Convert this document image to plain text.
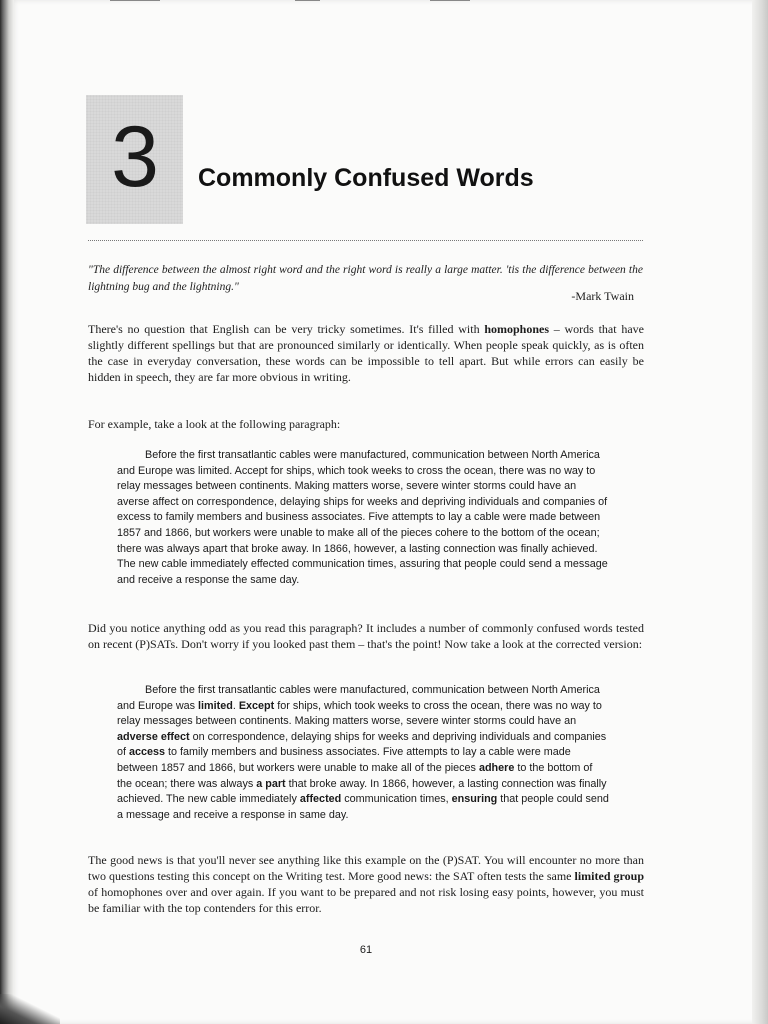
3	Commonly Confused Words
"The difference between the almost right word and the right word is really a large matter. 'tis the difference between the lightning bug and the lightning."
-Mark Twain
There's no question that English can be very tricky sometimes. It's filled with homophones – words that have slightly different spellings but that are pronounced similarly or identically. When people speak quickly, as is often the case in everyday conversation, these words can be impossible to tell apart. But while errors can easily be hidden in speech, they are far more obvious in writing.
For example, take a look at the following paragraph:

Before the first transatlantic cables were manufactured, communication between North America and Europe was limited. Accept for ships, which took weeks to cross the ocean, there was no way to relay messages between continents. Making matters worse, severe winter storms could have an averse affect on correspondence, delaying ships for weeks and depriving individuals and companies of excess to family members and business associates. Five attempts to lay a cable were made between 1857 and 1866, but workers were unable to make all of the pieces cohere to the bottom of the ocean; there was always apart that broke away. In 1866, however, a lasting connection was finally achieved. The new cable immediately effected communication times, assuring that people could send a message and receive a response the same day.

Did you notice anything odd as you read this paragraph? It includes a number of commonly confused words tested on recent (P)SATs. Don't worry if you looked past them – that's the point! Now take a look at the corrected version:

Before the first transatlantic cables were manufactured, communication between North America and Europe was limited. Except for ships, which took weeks to cross the ocean, there was no way to relay messages between continents. Making matters worse, severe winter storms could have an adverse effect on correspondence, delaying ships for weeks and depriving individuals and companies of access to family members and business associates. Five attempts to lay a cable were made between 1857 and 1866, but workers were unable to make all of the pieces adhere to the bottom of the ocean; there was always a part that broke away. In 1866, however, a lasting connection was finally achieved. The new cable immediately affected communication times, ensuring that people could send a message and receive a response in same day.

The good news is that you'll never see anything like this example on the (P)SAT. You will encounter no more than two questions testing this concept on the Writing test. More good news: the SAT often tests the same limited group of homophones over and over again. If you want to be prepared and not risk losing easy points, however, you must be familiar with the top contenders for this error.
61
